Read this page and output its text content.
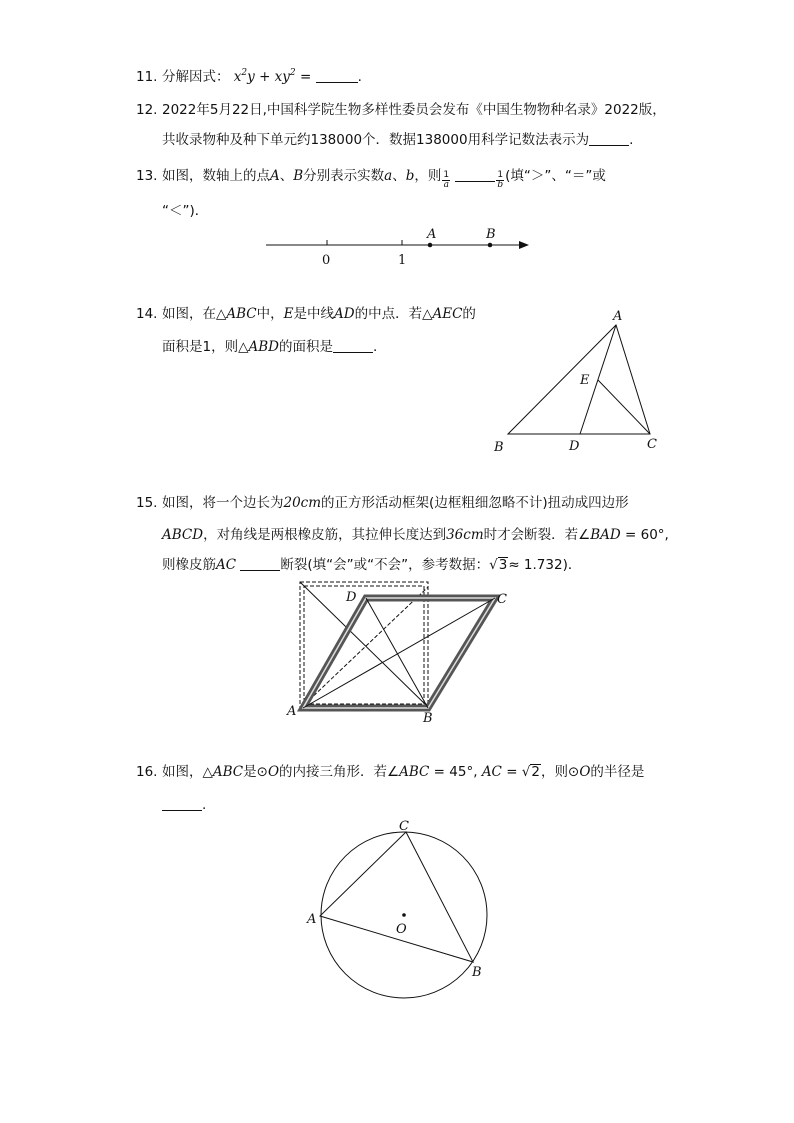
11. 分解因式： $x^2y + xy^2$ =	.
12. 2022年5月22日,中国科学院生物多样性委员会发布《中国生物物种名录》2022版，
共收录物种及种下单元约138000个．数据138000用科学记数法表示为	.
13. 如图，数轴上的点A、B分别表示实数a、b，则 $\frac{1}{a}$
	$\frac{1}{b}$ (填“＞”、“＝”或
“＜”)．
A	B
0	1
14. 如图，在△ABC中，E是中线AD的中点．若△AEC的
面积是1，则△ABD的面积是	.
A
B	C
D
E
15. 如图，将一个边长为20cm的正方形活动框架(边框粗细忽略不计)扭动成四边形
ABCD，对角线是两根橡皮筋，其拉伸长度达到36cm时才会断裂．若∠BAD = 60°,
则橡皮筋AC	断裂(填“会”或“不会”，参考数据：√3≈ 1.732)．
A	B
C
D
16. 如图，△ABC是⊙O的内接三角形．若∠ABC = 45°, AC = √2，则⊙O的半径是
.
C
A
B
O
